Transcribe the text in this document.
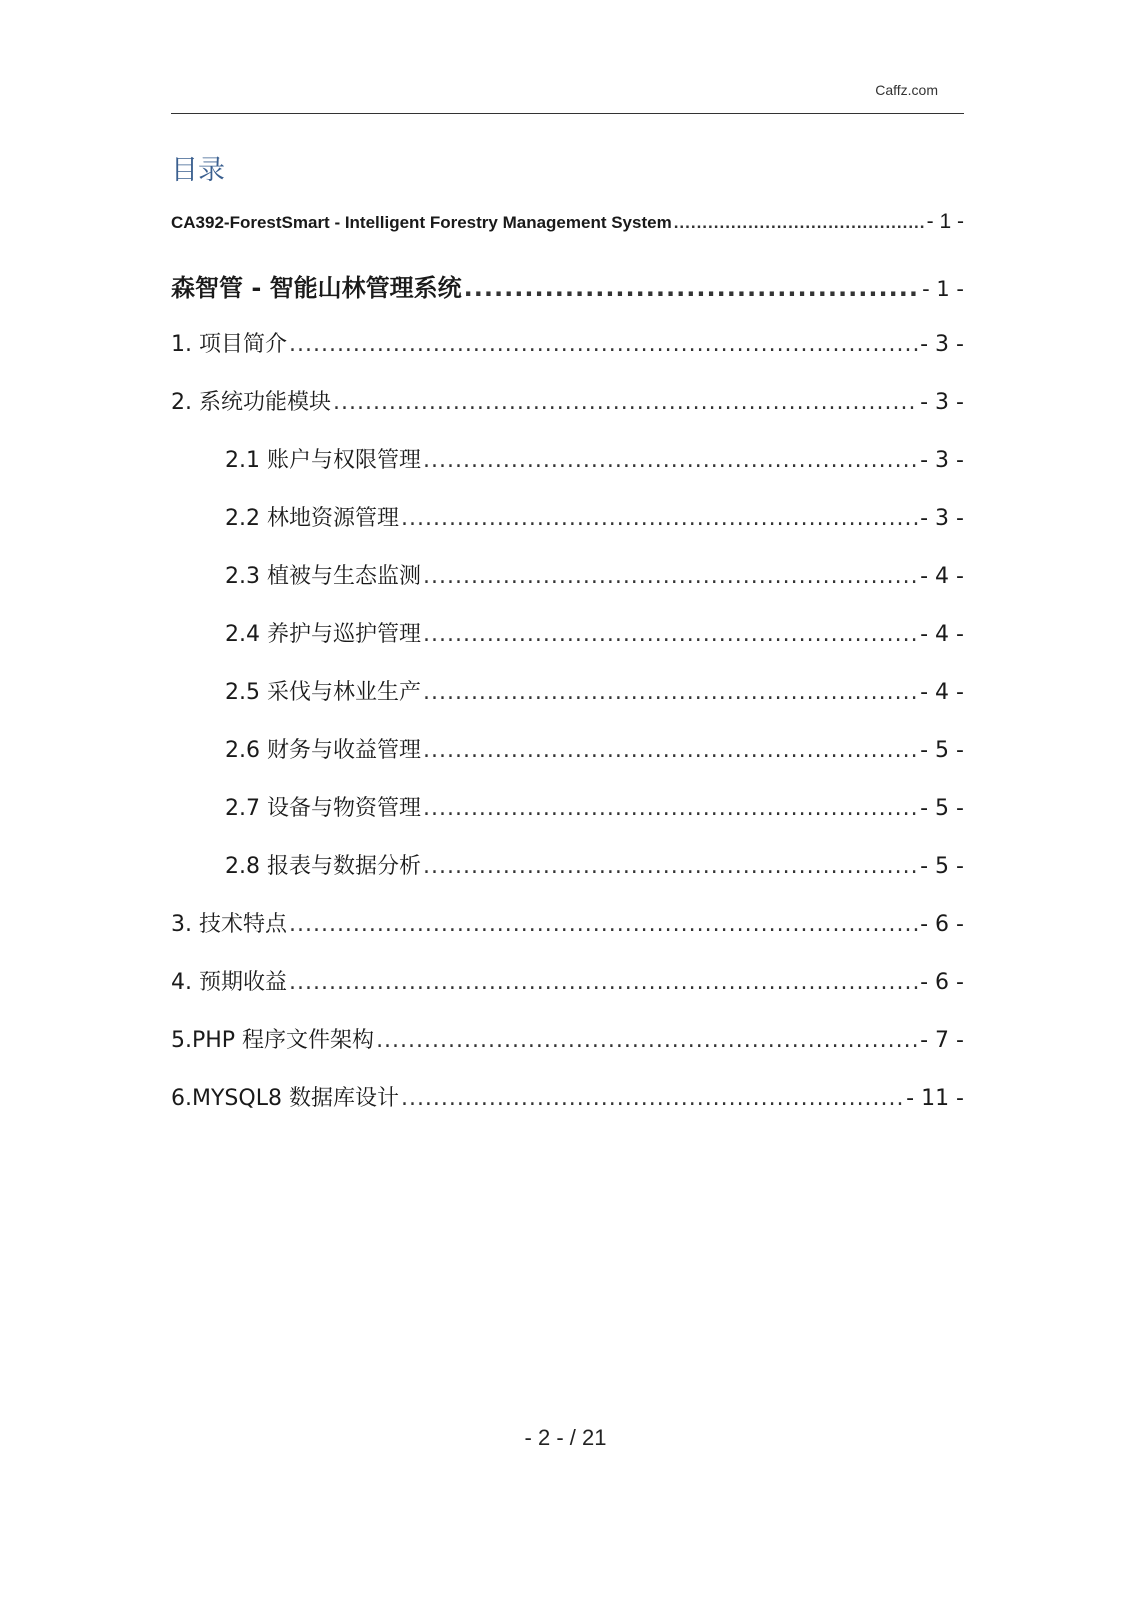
Caffz.com
目录
CA392-ForestSmart - Intelligent Forestry Management System .....	- 1 -
森智管 - 智能山林管理系统 .....	- 1 -
1. 项目简介 .....	- 3 -
2. 系统功能模块 .....	- 3 -
2.1 账户与权限管理 .....	- 3 -
2.2 林地资源管理 .....	- 3 -
2.3 植被与生态监测 .....	- 4 -
2.4 养护与巡护管理 .....	- 4 -
2.5 采伐与林业生产 .....	- 4 -
2.6 财务与收益管理 .....	- 5 -
2.7 设备与物资管理 .....	- 5 -
2.8 报表与数据分析 .....	- 5 -
3. 技术特点 .....	- 6 -
4. 预期收益 .....	- 6 -
5.PHP 程序文件架构 .....	- 7 -
6.MYSQL8 数据库设计 .....	- 11 -
- 2 - / 21
